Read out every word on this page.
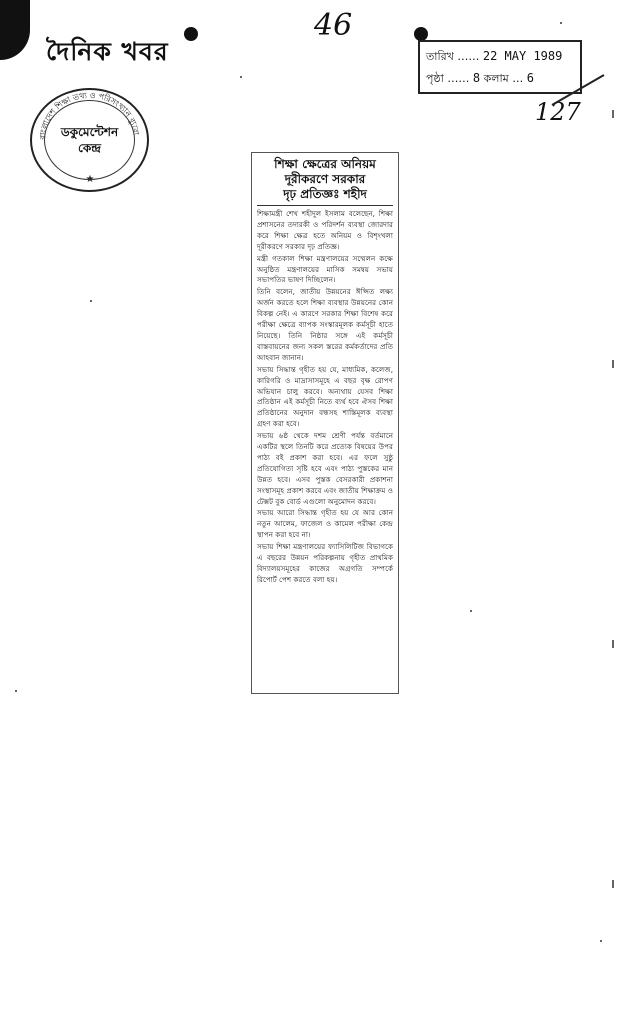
দৈনিক খবর
46
তারিখ …… 22 MAY 1989
পৃষ্ঠা …… 8 কলাম … 6
127
বাংলাদেশ শিক্ষা তথ্য ও পরিসংখ্যান ব্যুরো
★
ডকুমেন্টেশন
কেন্দ্র
শিক্ষা ক্ষেত্রের অনিয়ম
দূরীকরণে সরকার
দৃঢ় প্রতিজ্ঞঃ শহীদ

শিক্ষামন্ত্রী শেখ শহীদুল ইসলাম বলেছেন, শিক্ষা প্রশাসনের তদারকী ও পরিদর্শন ব্যবস্থা জোরদার করে শিক্ষা ক্ষেত্র হতে অনিয়ম ও বিশৃংখলা দূরীকরণে সরকার দৃঢ় প্রতিজ্ঞ।

মন্ত্রী গতকাল শিক্ষা মন্ত্রণালয়ের সম্মেলন কক্ষে অনুষ্ঠিত মন্ত্রণালয়ের মাসিক সমন্বয় সভায় সভাপতির ভাষণ দিচ্ছিলেন।

তিনি বলেন, জাতীয় উন্নয়নের ঈপ্সিত লক্ষ্য অর্জন করতে হলে শিক্ষা ব্যবস্থার উন্নয়নের কোন বিকল্প নেই। এ কারণে সরকার শিক্ষা বিশেষ করে পরীক্ষা ক্ষেত্রে ব্যাপক সংস্কারমূলক কর্মসূচী হাতে নিয়েছে। তিনি নিষ্ঠার সঙ্গে এই কর্মসূচী বাস্তবায়নের জন্য সকল স্তরের কর্মকর্তাদের প্রতি আহবান জানান।

সভায় সিদ্ধান্ত গৃহীত হয় যে, মাধ্যমিক, কলেজ, কারিগরি ও মাদ্রাসাসমূহে এ বছর বৃক্ষ রোপণ অভিযান চালু করবে। অন্যথায় যেসব শিক্ষা প্রতিষ্ঠান এই কর্মসূচী নিতে ব্যর্থ হবে ঐসব শিক্ষা প্রতিষ্ঠানের অনুদান বন্ধসহ শাস্তিমূলক ব্যবস্থা গ্রহণ করা হবে।

সভায় ৬ষ্ঠ থেকে দশম শ্রেণী পর্যন্ত বর্তমানে একটির স্থলে তিনটি করে প্রত্যেক বিষয়ের উপর পাঠ্য বই প্রকাশ করা হবে। এর ফলে সুষ্ঠু প্রতিযোগিতা সৃষ্টি হবে এবং পাঠ্য পুস্তকের মান উন্নত হবে। এসব পুস্তক বেসরকারী প্রকাশনা সংস্থাসমূহ প্রকাশ করবে এবং জাতীয় শিক্ষাক্রম ও টেক্সট বুক বোর্ড এগুলো অনুমোদন করবে।

সভায় আরো সিদ্ধান্ত গৃহীত হয় যে আর কোন নতুন আলেম, ফাজেল ও কামেল পরীক্ষা কেন্দ্র স্থাপন করা হবে না।

সভায় শিক্ষা মন্ত্রণালয়ের ফ্যাসিলিটিজ বিভাগকে এ বছরের উন্নয়ন পরিকল্পনায় গৃহীত প্রাথমিক বিদ্যালয়সমূহের কাজের অগ্রগতি সম্পর্কে রিপোর্ট পেশ করতে বলা হয়।
